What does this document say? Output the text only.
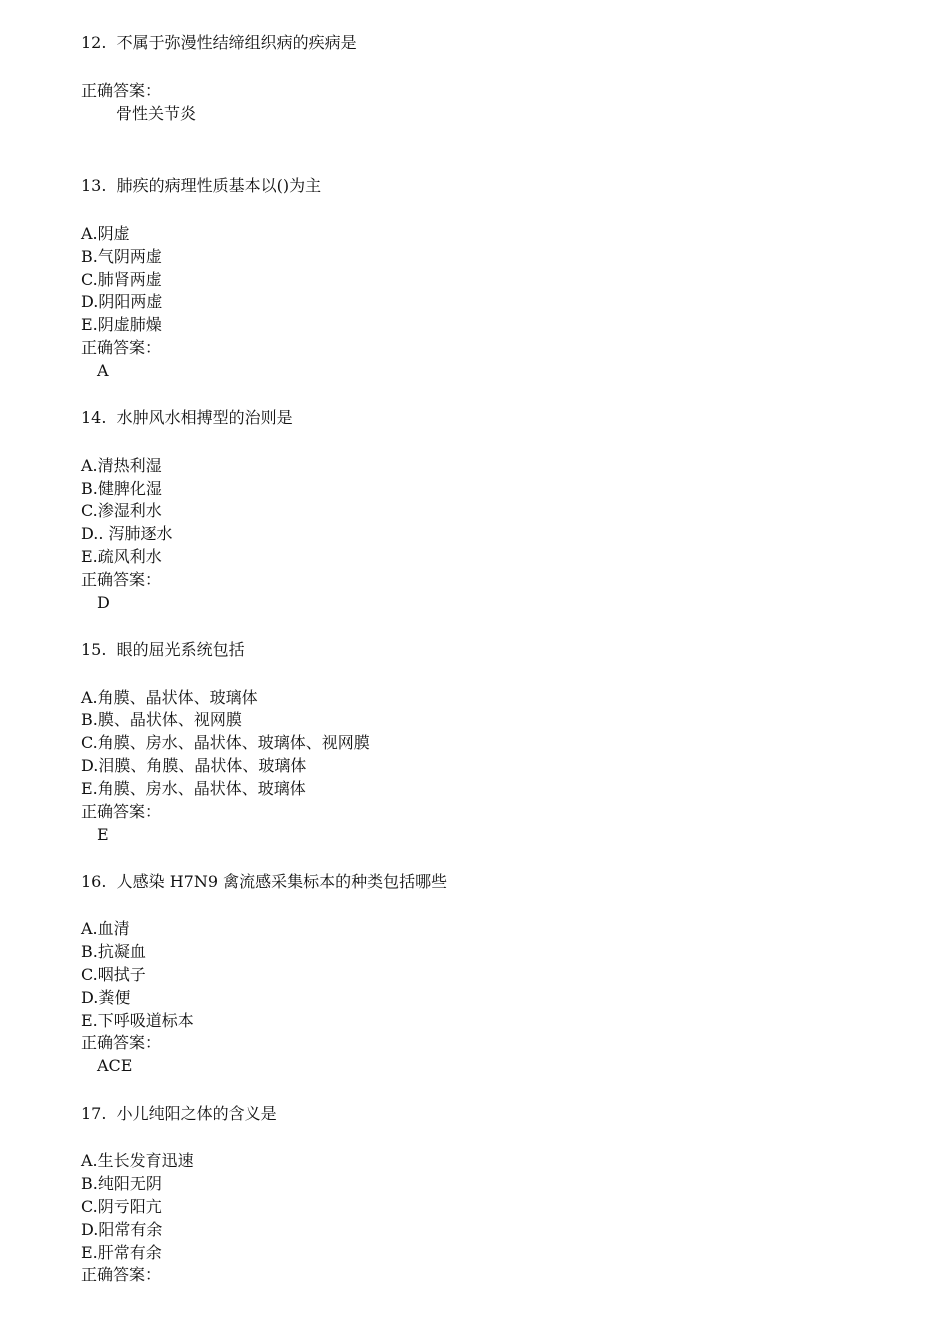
12.  不属于弥漫性结缔组织病的疾病是
正确答案：
骨性关节炎
13.  肺疾的病理性质基本以()为主
A.阴虚
B.气阴两虚
C.肺肾两虚
D.阴阳两虚
E.阴虚肺燥
正确答案：
A
14.  水肿风水相搏型的治则是
A.清热利湿
B.健脾化湿
C.渗湿利水
D.. 泻肺逐水
E.疏风利水
正确答案：
D
15.  眼的屈光系统包括
A.角膜、晶状体、玻璃体
B.膜、晶状体、视网膜
C.角膜、房水、晶状体、玻璃体、视网膜
D.泪膜、角膜、晶状体、玻璃体
E.角膜、房水、晶状体、玻璃体
正确答案：
E
16.  人感染 H7N9 禽流感采集标本的种类包括哪些
A.血清
B.抗凝血
C.咽拭子
D.粪便
E.下呼吸道标本
正确答案：
ACE
17.  小儿纯阳之体的含义是
A.生长发育迅速
B.纯阳无阴
C.阴亏阳亢
D.阳常有余
E.肝常有余
正确答案：
